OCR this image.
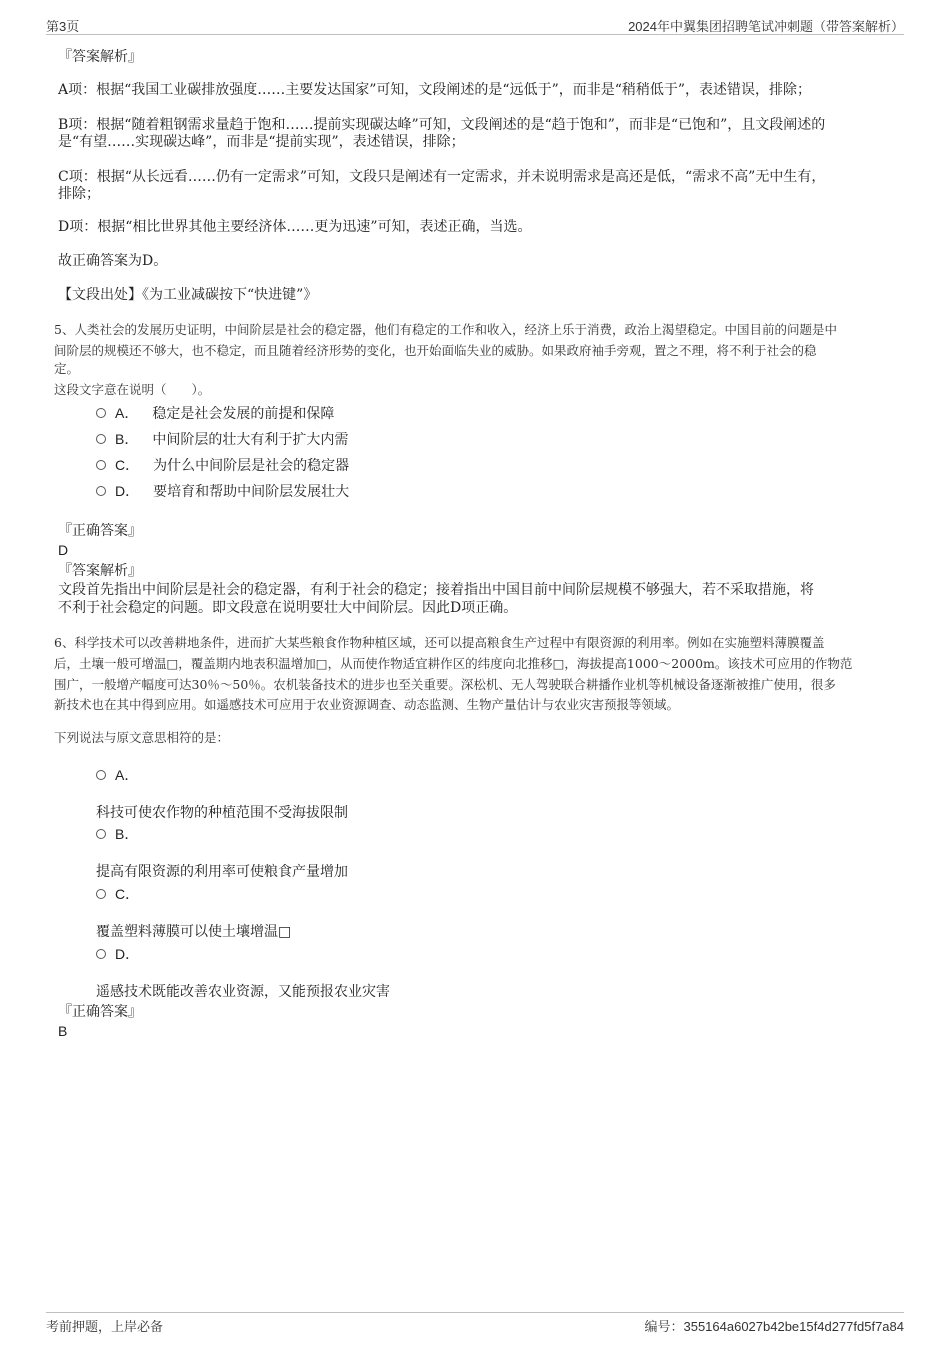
第3页	2024年中翼集团招聘笔试冲刺题（带答案解析）
『答案解析』
A项：根据“我国工业碳排放强度……主要发达国家”可知，文段阐述的是“远低于”，而非是“稍稍低于”，表述错误，排除；
B项：根据“随着粗钢需求量趋于饱和……提前实现碳达峰”可知，文段阐述的是“趋于饱和”，而非是“已饱和”，且文段阐述的
是“有望……实现碳达峰”，而非是“提前实现”，表述错误，排除；
C项：根据“从长远看……仍有一定需求”可知，文段只是阐述有一定需求，并未说明需求是高还是低，“需求不高”无中生有，
排除；
D项：根据“相比世界其他主要经济体……更为迅速”可知，表述正确，当选。
故正确答案为D。
【文段出处】《为工业减碳按下“快进键”》
5、人类社会的发展历史证明，中间阶层是社会的稳定器，他们有稳定的工作和收入，经济上乐于消费，政治上渴望稳定。中国目前的问题是中
间阶层的规模还不够大，也不稳定，而且随着经济形势的变化，也开始面临失业的威胁。如果政府袖手旁观，置之不理，将不利于社会的稳
定。
这段文字意在说明（　　）。
A． 稳定是社会发展的前提和保障
B． 中间阶层的壮大有利于扩大内需
C． 为什么中间阶层是社会的稳定器
D． 要培育和帮助中间阶层发展壮大
『正确答案』
D
『答案解析』
文段首先指出中间阶层是社会的稳定器，有利于社会的稳定；接着指出中国目前中间阶层规模不够强大，若不采取措施，将
不利于社会稳定的问题。即文段意在说明要壮大中间阶层。因此D项正确。
6、科学技术可以改善耕地条件，进而扩大某些粮食作物种植区域，还可以提高粮食生产过程中有限资源的利用率。例如在实施塑料薄膜覆盖
后，土壤一般可增温□，覆盖期内地表积温增加□，从而使作物适宜耕作区的纬度向北推移□，海拔提高1000～2000m。该技术可应用的作物范
围广，一般增产幅度可达30％～50％。农机装备技术的进步也至关重要。深松机、无人驾驶联合耕播作业机等机械设备逐渐被推广使用，很多
新技术也在其中得到应用。如遥感技术可应用于农业资源调查、动态监测、生物产量估计与农业灾害预报等领域。
下列说法与原文意思相符的是：
A．
科技可使农作物的种植范围不受海拔限制
B．
提高有限资源的利用率可使粮食产量增加
C．
覆盖塑料薄膜可以使土壤增温□
D．
遥感技术既能改善农业资源，又能预报农业灾害
『正确答案』
B
考前押题，上岸必备	编号：355164a6027b42be15f4d277fd5f7a84
